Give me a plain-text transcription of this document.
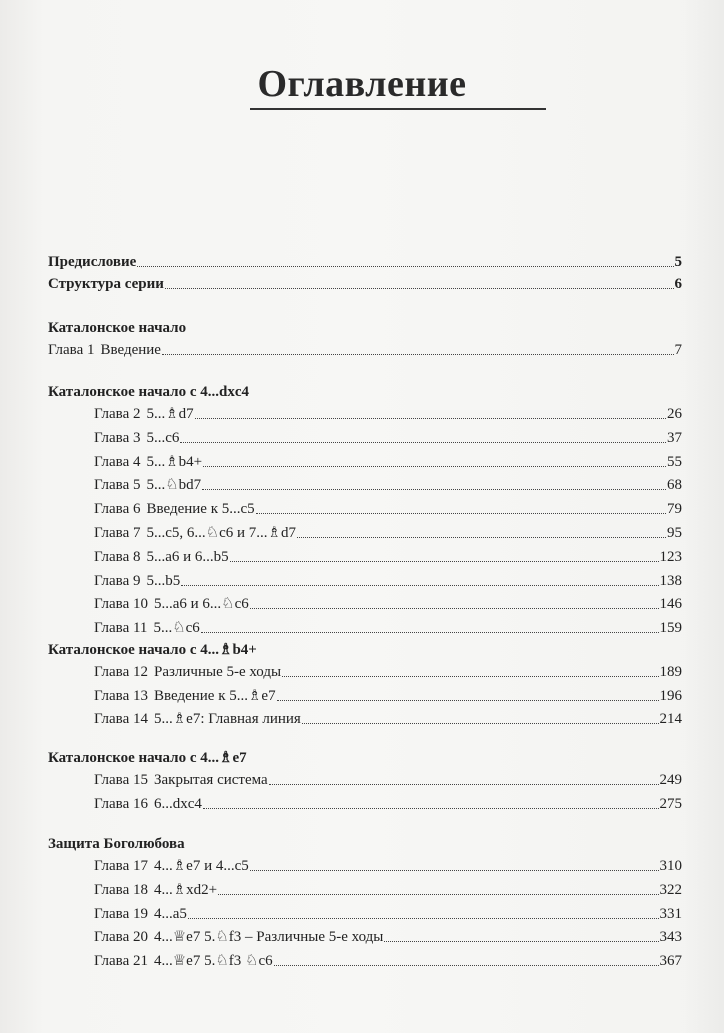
Оглавление
Предисловие	5
Структура серии	6
Каталонское начало
Глава 1 Введение	7
Каталонское начало с 4...dxc4
Глава 2 5...♗d7	26
Глава 3 5...c6	37
Глава 4 5...♗b4+	55
Глава 5 5...♘bd7	68
Глава 6 Введение к 5...c5	79
Глава 7 5...c5, 6...♘c6 и 7...♗d7	95
Глава 8 5...a6 и 6...b5	123
Глава 9 5...b5	138
Глава 10 5...a6 и 6...♘c6	146
Глава 11 5...♘c6	159
Каталонское начало с 4...♗b4+
Глава 12 Различные 5-е ходы	189
Глава 13 Введение к 5...♗e7	196
Глава 14 5...♗e7: Главная линия	214
Каталонское начало с 4...♗e7
Глава 15 Закрытая система	249
Глава 16 6...dxc4	275
Защита Боголюбова
Глава 17 4...♗e7 и 4...c5	310
Глава 18 4...♗xd2+	322
Глава 19 4...a5	331
Глава 20 4...♕e7 5.♘f3 – Различные 5-е ходы	343
Глава 21 4...♕e7 5.♘f3 ♘c6	367
